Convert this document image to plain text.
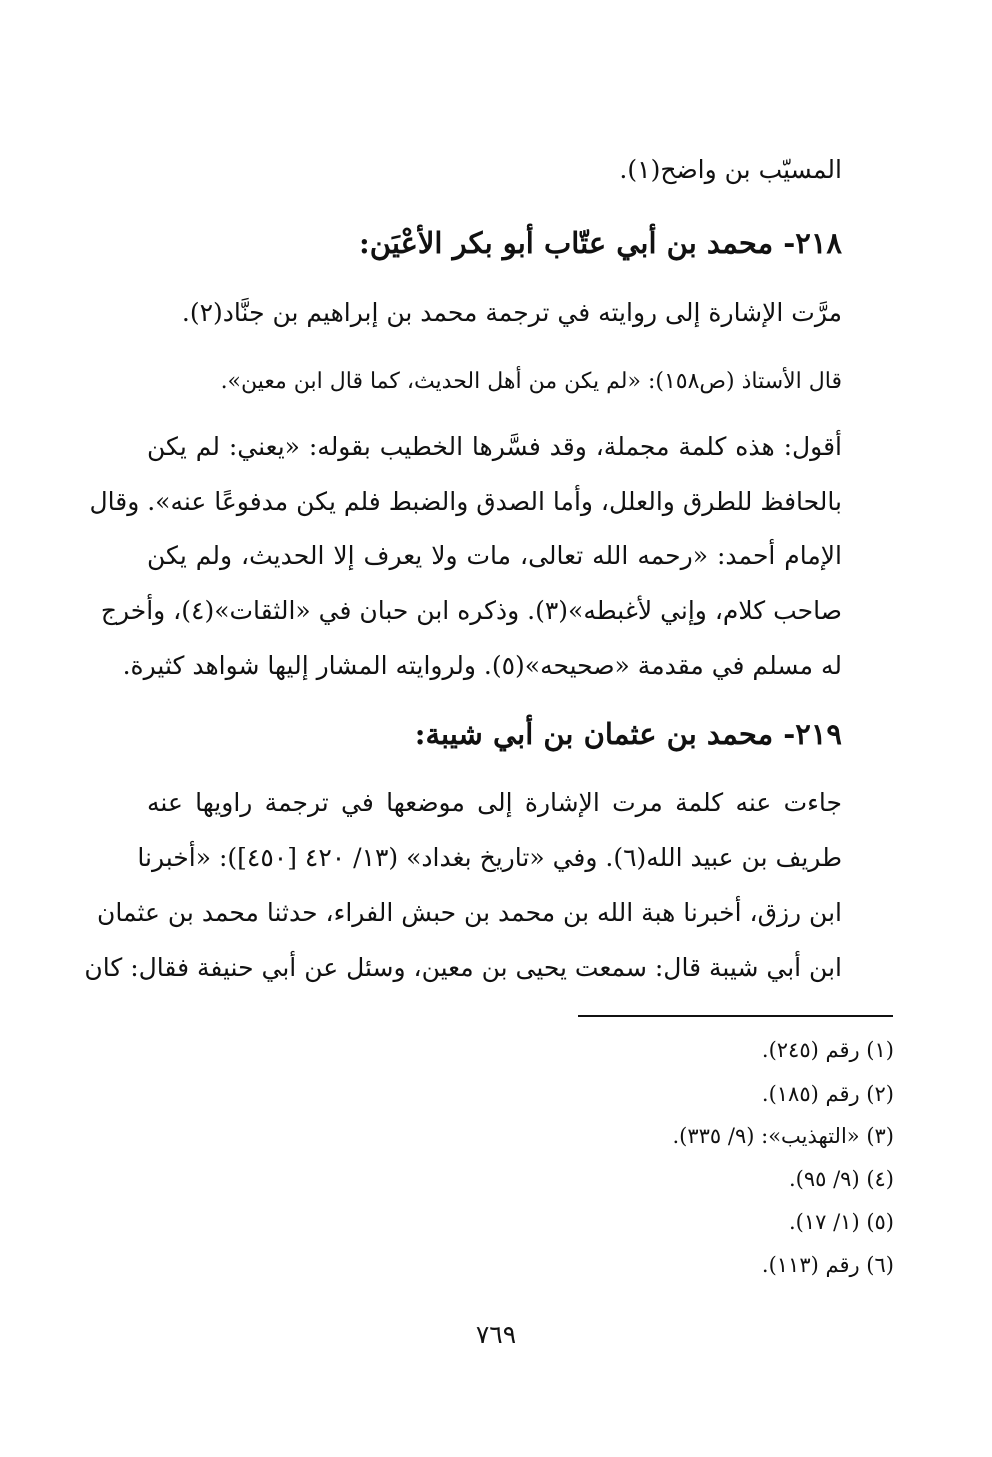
المسيّب بن واضح(١).
٢١٨- محمد بن أبي عتّاب أبو بكر الأعْيَن:
مرَّت الإشارة إلى روايته في ترجمة محمد بن إبراهيم بن جنَّاد(٢).
قال الأستاذ (ص١٥٨): «لم يكن من أهل الحديث، كما قال ابن معين».
أقول: هذه كلمة مجملة، وقد فسَّرها الخطيب بقوله: «يعني: لم يكن
بالحافظ للطرق والعلل، وأما الصدق والضبط فلم يكن مدفوعًا عنه». وقال
الإمام أحمد: «رحمه الله تعالى، مات ولا يعرف إلا الحديث، ولم يكن
صاحب كلام، وإني لأغبطه»(٣). وذكره ابن حبان في «الثقات»(٤)، وأخرج
له مسلم في مقدمة «صحيحه»(٥). ولروايته المشار إليها شواهد كثيرة.
٢١٩- محمد بن عثمان بن أبي شيبة:
جاءت عنه كلمة مرت الإشارة إلى موضعها في ترجمة راويها عنه
طريف بن عبيد الله(٦). وفي «تاريخ بغداد» (١٣/ ٤٢٠ [٤٥٠]): «أخبرنا
ابن رزق، أخبرنا هبة الله بن محمد بن حبش الفراء، حدثنا محمد بن عثمان
ابن أبي شيبة قال: سمعت يحيى بن معين، وسئل عن أبي حنيفة فقال: كان
(١) رقم (٢٤٥).
(٢) رقم (١٨٥).
(٣) «التهذيب»: (٩/ ٣٣٥).
(٤) (٩/ ٩٥).
(٥) (١/ ١٧).
(٦) رقم (١١٣).
٧٦٩
